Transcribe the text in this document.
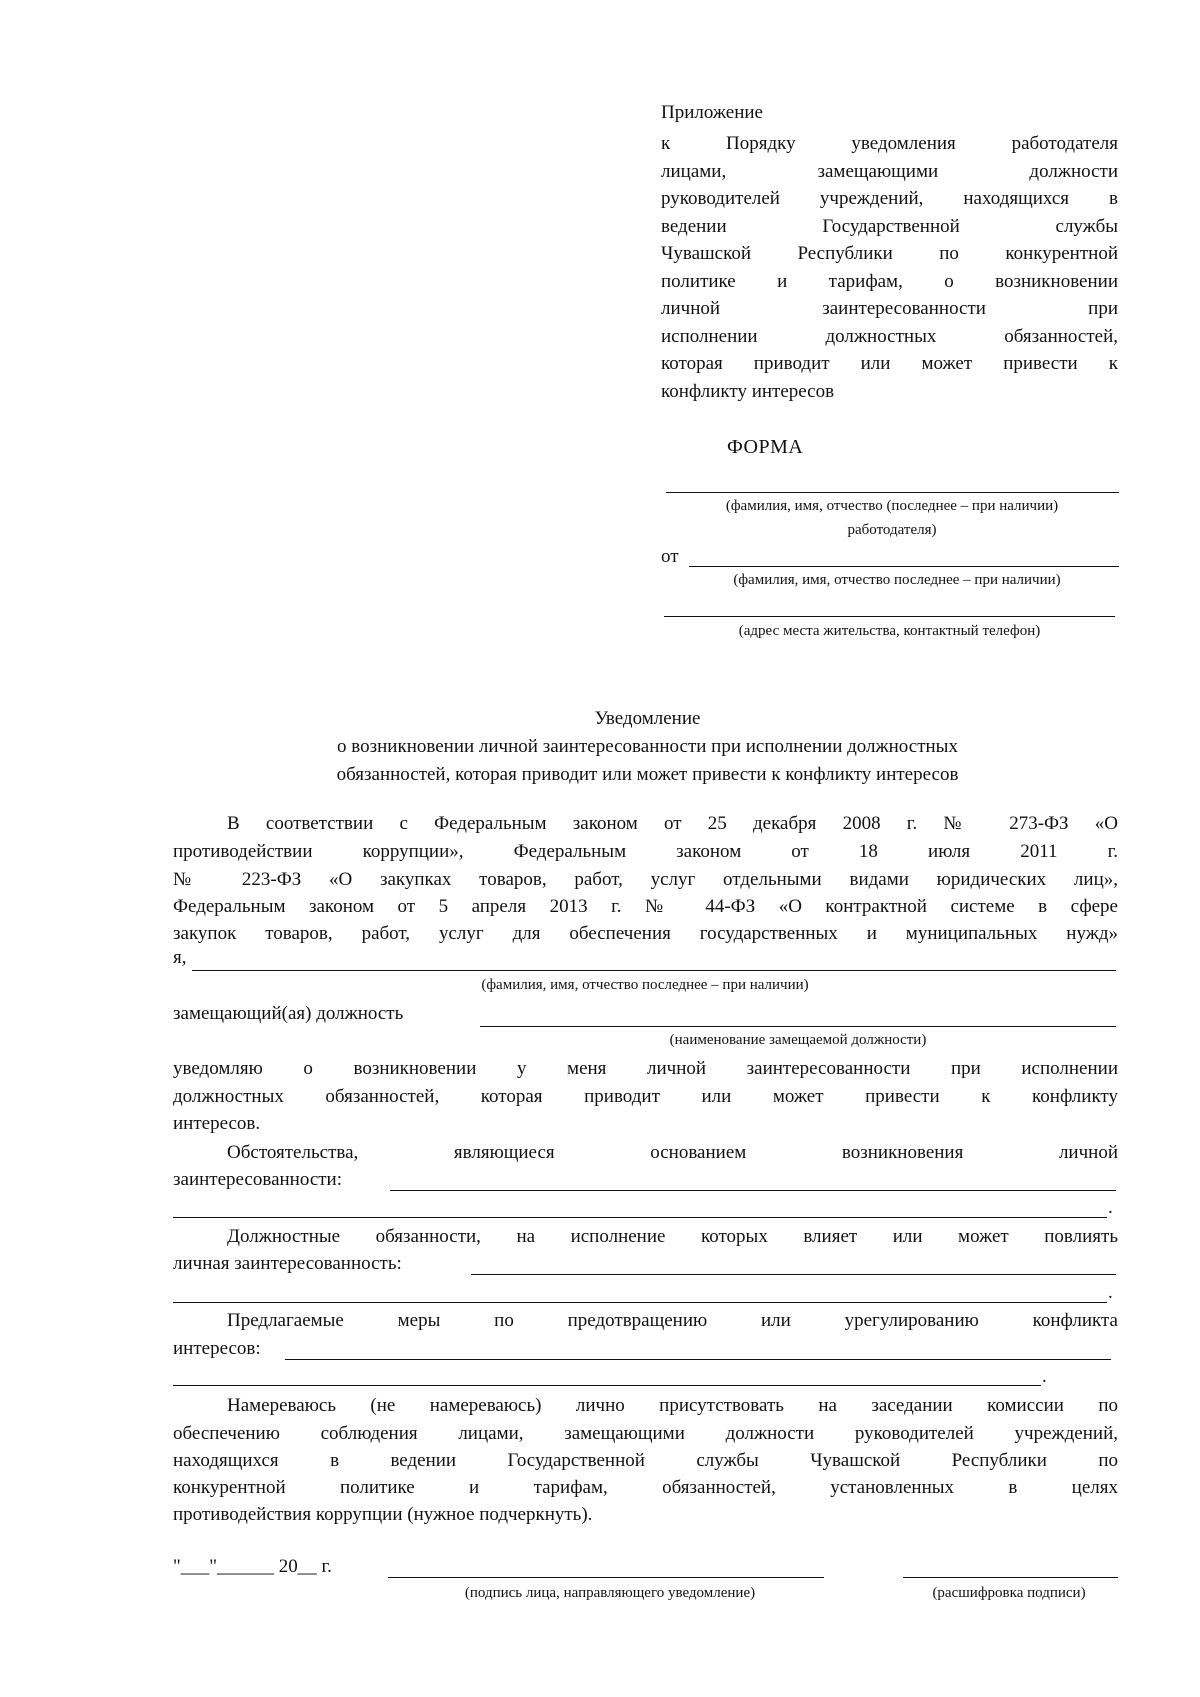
Приложение
к Порядку уведомления работодателя
лицами, замещающими должности
руководителей учреждений, находящихся в
ведении Государственной службы
Чувашской Республики по конкурентной
политике и тарифам, о возникновении
личной заинтересованности при
исполнении должностных обязанностей,
которая приводит или может привести к
конфликту интересов
ФОРМА
(фамилия, имя, отчество (последнее – при наличии)
работодателя)
от
(фамилия, имя, отчество последнее – при наличии)
(адрес места жительства, контактный телефон)
Уведомление
о возникновении личной заинтересованности при исполнении должностных
обязанностей, которая приводит или может привести к конфликту интересов
В соответствии с Федеральным законом от 25 декабря 2008 г. № 273-ФЗ «О
противодействии коррупции», Федеральным законом от 18 июля 2011 г.
№ 223-ФЗ «О закупках товаров, работ, услуг отдельными видами юридических лиц»,
Федеральным законом от 5 апреля 2013 г. № 44-ФЗ «О контрактной системе в сфере
закупок товаров, работ, услуг для обеспечения государственных и муниципальных нужд»
я,
(фамилия, имя, отчество последнее – при наличии)
замещающий(ая) должность
(наименование замещаемой должности)
уведомляю о возникновении у меня личной заинтересованности при исполнении
должностных обязанностей, которая приводит или может привести к конфликту
интересов.
Обстоятельства, являющиеся основанием возникновения личной
заинтересованности:
.
Должностные обязанности, на исполнение которых влияет или может повлиять
личная заинтересованность:
.
Предлагаемые меры по предотвращению или урегулированию конфликта
интересов:
.
Намереваюсь (не намереваюсь) лично присутствовать на заседании комиссии по
обеспечению соблюдения лицами, замещающими должности руководителей учреждений,
находящихся в ведении Государственной службы Чувашской Республики по
конкурентной политике и тарифам, обязанностей, установленных в целях
противодействия коррупции (нужное подчеркнуть).
"___"______ 20__ г.
(подпись лица, направляющего уведомление)	(расшифровка подписи)
